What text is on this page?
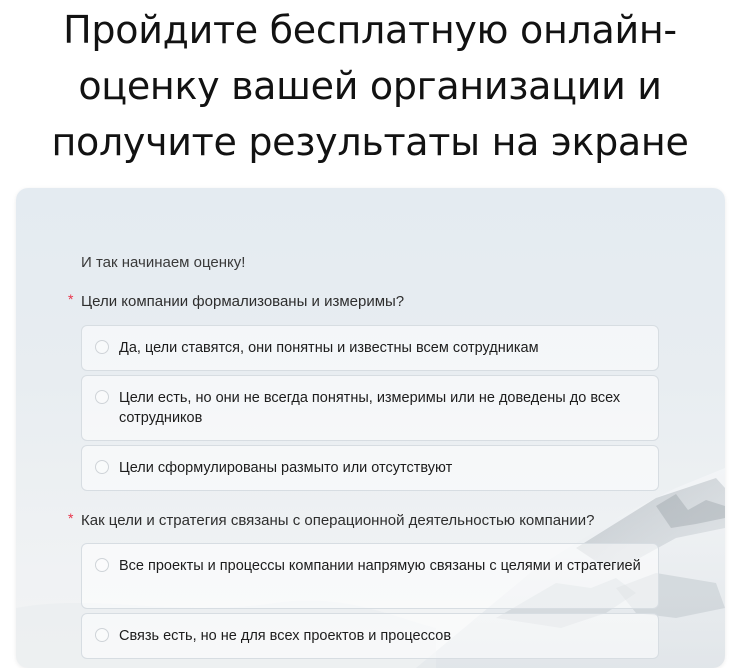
Пройдите бесплатную онлайн-
оценку вашей организации и
получите результаты на экране
И так начинаем оценку!
* Цели компании формализованы и измеримы?
Да, цели ставятся, они понятны и известны всем сотрудникам
Цели есть, но они не всегда понятны, измеримы или не доведены до всех сотрудников
Цели сформулированы размыто или отсутствуют
* Как цели и стратегия связаны с операционной деятельностью компании?
Все проекты и процессы компании напрямую связаны с целями и стратегией
Связь есть, но не для всех проектов и процессов
